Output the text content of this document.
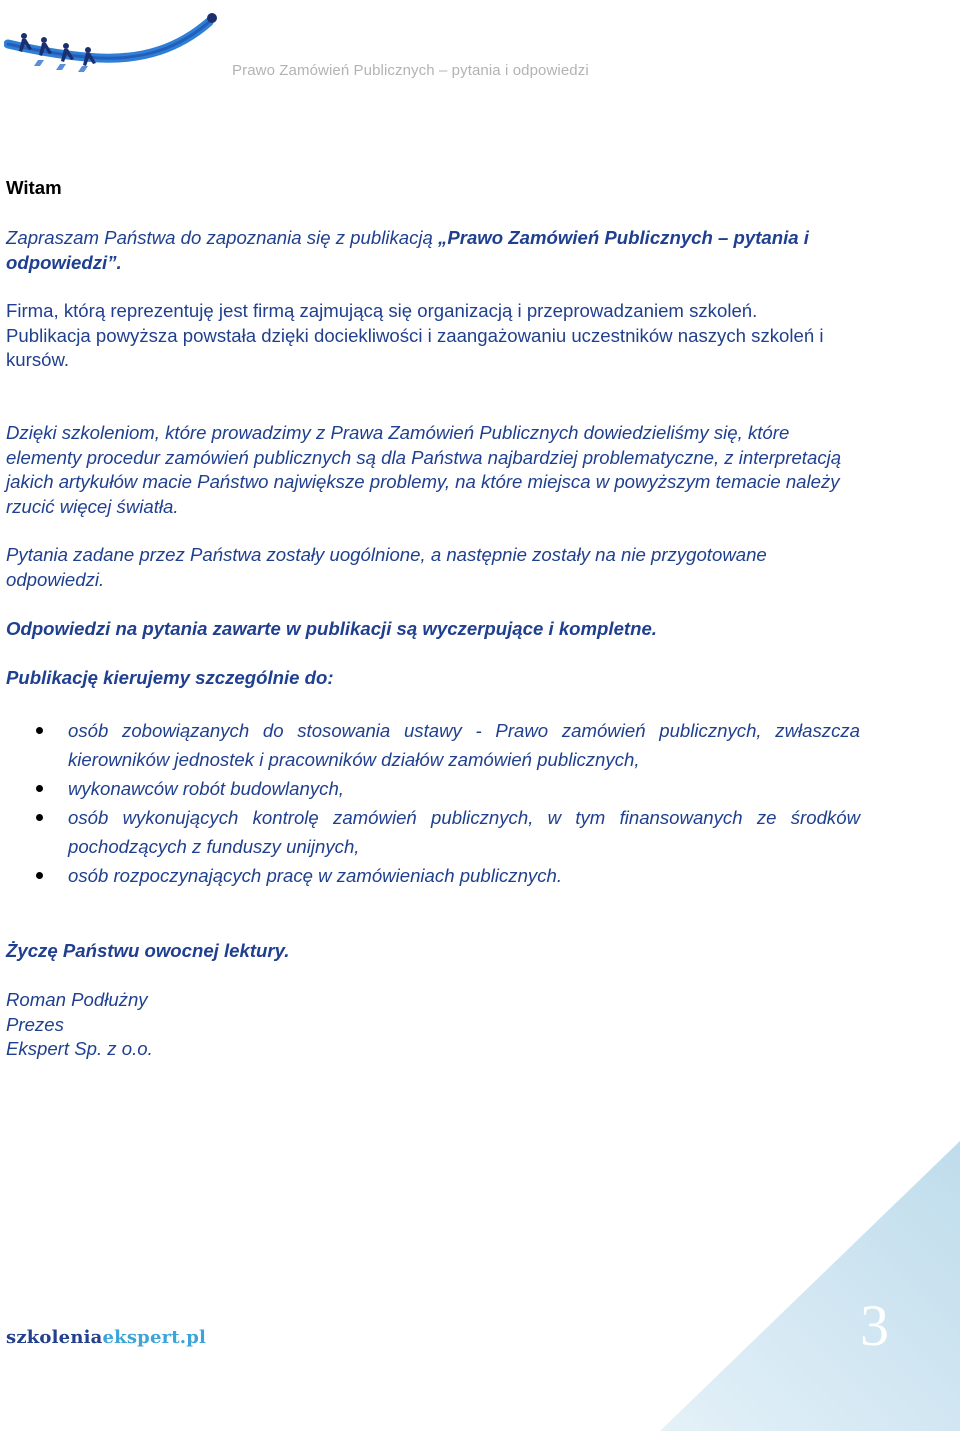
Prawo Zamówień Publicznych – pytania i odpowiedzi

Witam

Zapraszam Państwa do zapoznania się z publikacją „Prawo Zamówień Publicznych – pytania i odpowiedzi”.

Firma, którą reprezentuję jest firmą zajmującą się organizacją i przeprowadzaniem szkoleń.
Publikacja powyższa powstała dzięki dociekliwości i zaangażowaniu uczestników naszych szkoleń i kursów.

Dzięki szkoleniom, które prowadzimy z Prawa Zamówień Publicznych dowiedzieliśmy się, które elementy procedur zamówień publicznych są dla Państwa najbardziej problematyczne, z interpretacją jakich artykułów macie Państwo największe problemy, na które miejsca w powyższym temacie należy rzucić więcej światła.

Pytania zadane przez Państwa zostały uogólnione, a następnie zostały na nie przygotowane odpowiedzi.

Odpowiedzi na pytania zawarte w publikacji są wyczerpujące i kompletne.

Publikację kierujemy szczególnie do:

osób zobowiązanych do stosowania ustawy - Prawo zamówień publicznych, zwłaszcza kierowników jednostek i pracowników działów zamówień publicznych,
wykonawców robót budowlanych,
osób wykonujących kontrolę zamówień publicznych, w tym finansowanych ze środków pochodzących z funduszy unijnych,
osób rozpoczynających pracę w zamówieniach publicznych.

Życzę Państwu owocnej lektury.

Roman Podłużny
Prezes
Ekspert Sp. z o.o.
szkoleniaekspert.pl	3
